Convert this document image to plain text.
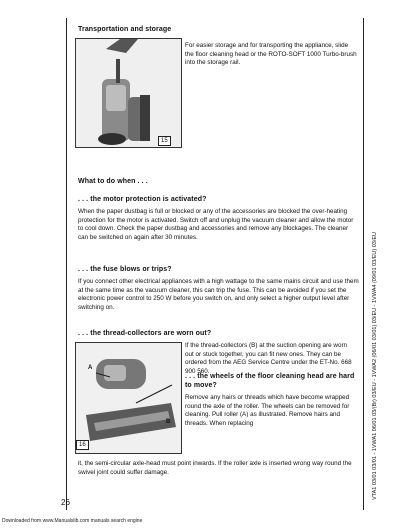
Transportation and storage
15

For easier storage and for transporting the appliance, slide the floor cleaning head or the ROTO-SOFT 1000 Turbo-brush into the storage rail.

What to do when . . .
. . . the motor protection is activated?

When the paper dustbag is full or blocked or any of the accessories are blocked the over-heating protection for the motor is activated. Switch off and unplug the vacuum cleaner and allow the motor to cool down. Check the paper dustbag and accessories and remove any blockages. The cleaner can be switched on again after 30 minutes.

. . . the fuse blows or trips?

If you connect other electrical appliances with a high wattage to the same mains circuit and use them at the same time as the vacuum cleaner, this can trip the fuse. This can be avoided if you set the electronic power control to 250 W before you switch on, and only select a higher output level after switching on.

. . . the thread-collectors are worn out?
A
B
16

If the thread-collectors (B) at the suction opening are worn out or stuck together, you can fit new ones. They can be ordered from the AEG Service Centre under the ET-No. 668 900 560.

. . . the wheels of the floor cleaning head are hard to move?

Remove any hairs or threads which have become wrapped round the axle of the roller. The wheels can be removed for cleaning. Pull roller (A) as illustrated. Remove hairs and threads. When replacing

it, the semi-circular axle-head must point inwards. If the roller axle is inserted wrong way round the swivel joint could suffer damage.

26
VTA1 03/01 03/01 - 1VWA1 06/01 03/(Br) 03/EU - 1VWA2 (06/01 03/01) 03/EU - 1VWA4 (09/01 03/EU) 03/EU
Downloaded from www.Manualslib.com manuals search engine
